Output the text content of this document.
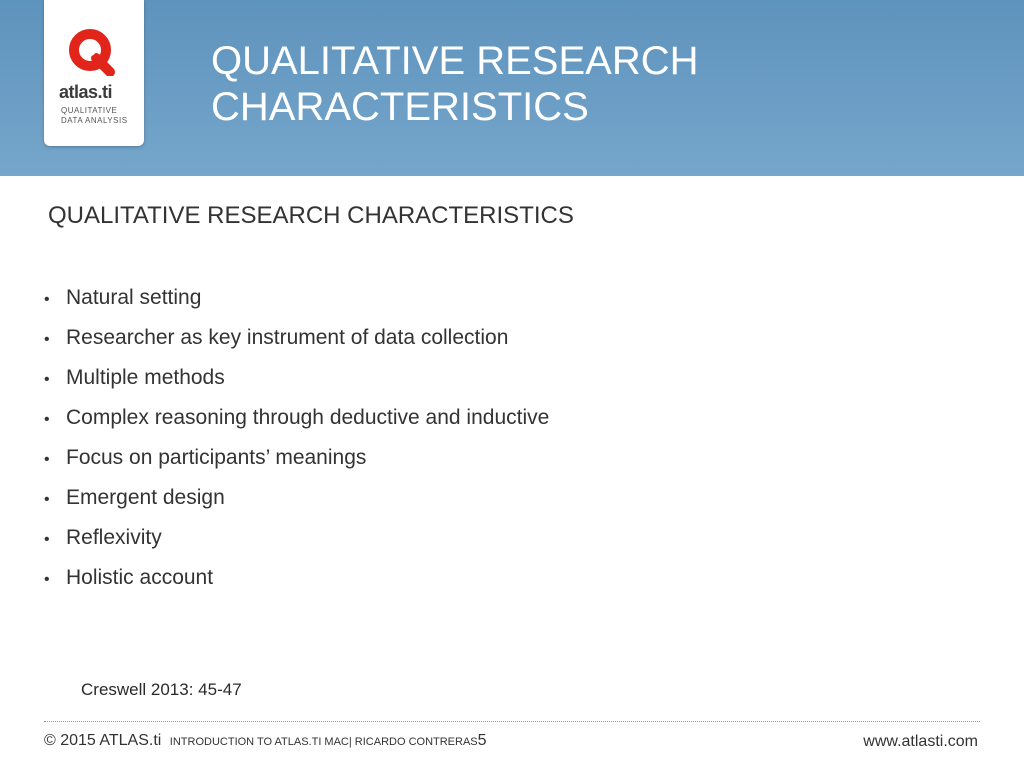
atlas.ti
QUALITATIVE
DATA ANALYSIS
QUALITATIVE RESEARCH
CHARACTERISTICS
QUALITATIVE RESEARCH CHARACTERISTICS
• Natural setting
• Researcher as key instrument of data collection
• Multiple methods
• Complex reasoning through deductive and inductive
• Focus on participants’ meanings
• Emergent design
• Reflexivity
• Holistic account
Creswell 2013: 45-47
© 2015 ATLAS.ti INTRODUCTION TO ATLAS.TI MAC| RICARDO CONTRERAS5	www.atlasti.com
